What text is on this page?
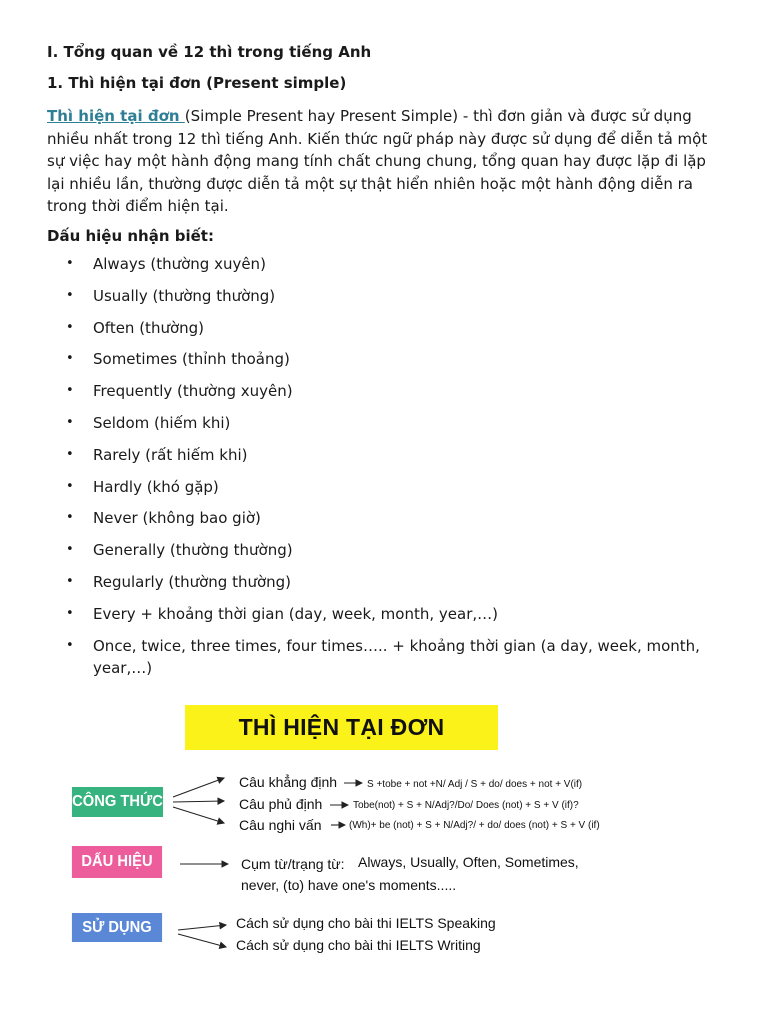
I. Tổng quan về 12 thì trong tiếng Anh
1. Thì hiện tại đơn (Present simple)
Thì hiện tại đơn (Simple Present hay Present Simple) - thì đơn giản và được sử dụng nhiều nhất trong 12 thì tiếng Anh. Kiến thức ngữ pháp này được sử dụng để diễn tả một sự việc hay một hành động mang tính chất chung chung, tổng quan hay được lặp đi lặp lại nhiều lần, thường được diễn tả một sự thật hiển nhiên hoặc một hành động diễn ra trong thời điểm hiện tại.
Dấu hiệu nhận biết:
• Always (thường xuyên)
• Usually (thường thường)
• Often (thường)
• Sometimes (thỉnh thoảng)
• Frequently (thường xuyên)
• Seldom (hiếm khi)
• Rarely (rất hiếm khi)
• Hardly (khó gặp)
• Never (không bao giờ)
• Generally (thường thường)
• Regularly (thường thường)
• Every + khoảng thời gian (day, week, month, year,…)
• Once, twice, three times, four times….. + khoảng thời gian (a day, week, month, year,…)
THÌ HIỆN TẠI ĐƠN
CÔNG THỨC
Câu khẳng định	S +tobe + not +N/ Adj / S + do/ does + not + V(if)
Câu phủ định	Tobe(not) + S + N/Adj?/Do/ Does (not) + S + V (if)?
Câu nghi vấn	(Wh)+ be (not) + S + N/Adj?/ + do/ does (not) + S + V (if)
DẤU HIỆU	Cụm từ/trạng từ: Always, Usually, Often, Sometimes,
never, (to) have one's moments.....
SỬ DỤNG	Cách sử dụng cho bài thi IELTS Speaking
Cách sử dụng cho bài thi IELTS Writing
